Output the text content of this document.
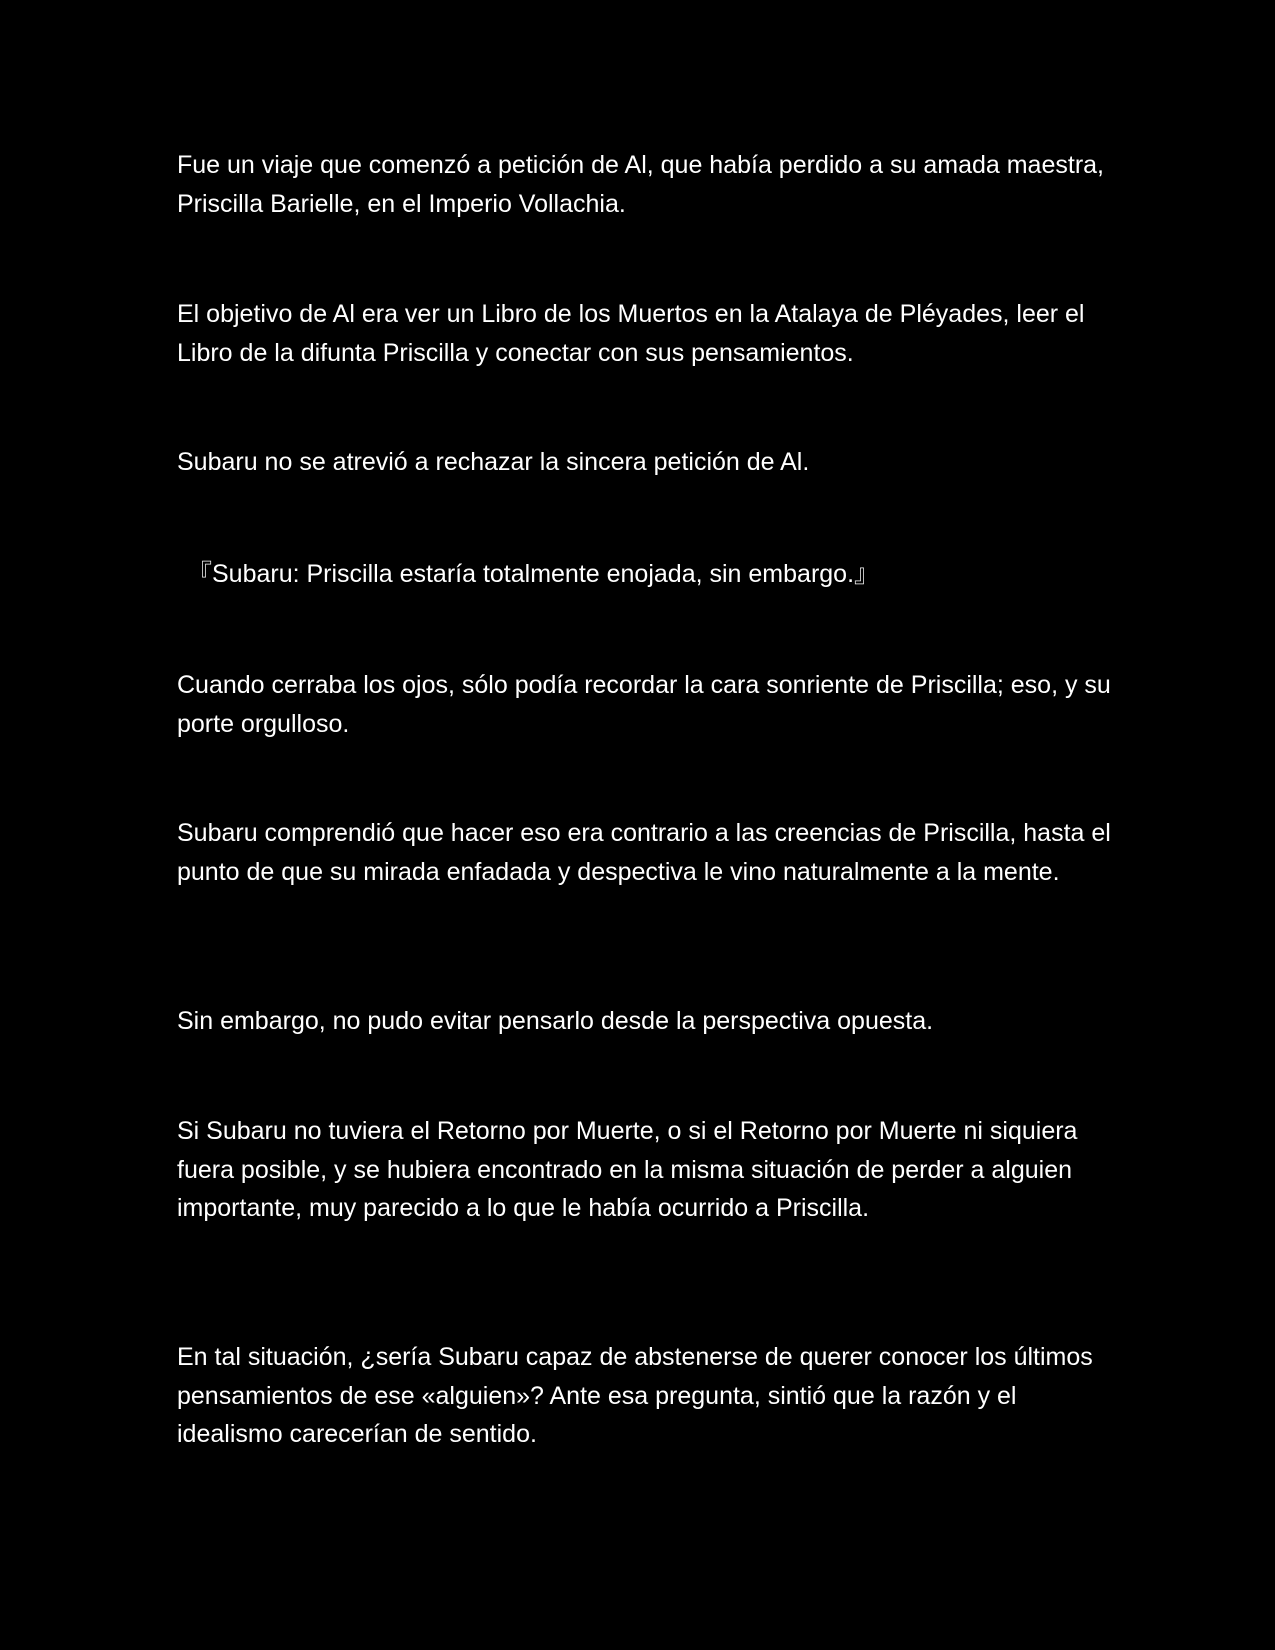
Fue un viaje que comenzó a petición de Al, que había perdido a su amada maestra, Priscilla Barielle, en el Imperio Vollachia.

El objetivo de Al era ver un Libro de los Muertos en la Atalaya de Pléyades, leer el Libro de la difunta Priscilla y conectar con sus pensamientos.

Subaru no se atrevió a rechazar la sincera petición de Al.

『Subaru: Priscilla estaría totalmente enojada, sin embargo.』

Cuando cerraba los ojos, sólo podía recordar la cara sonriente de Priscilla; eso, y su porte orgulloso.

Subaru comprendió que hacer eso era contrario a las creencias de Priscilla, hasta el punto de que su mirada enfadada y despectiva le vino naturalmente a la mente.

Sin embargo, no pudo evitar pensarlo desde la perspectiva opuesta.

Si Subaru no tuviera el Retorno por Muerte, o si el Retorno por Muerte ni siquiera fuera posible, y se hubiera encontrado en la misma situación de perder a alguien importante, muy parecido a lo que le había ocurrido a Priscilla.

En tal situación, ¿sería Subaru capaz de abstenerse de querer conocer los últimos pensamientos de ese «alguien»? Ante esa pregunta, sintió que la razón y el idealismo carecerían de sentido.
